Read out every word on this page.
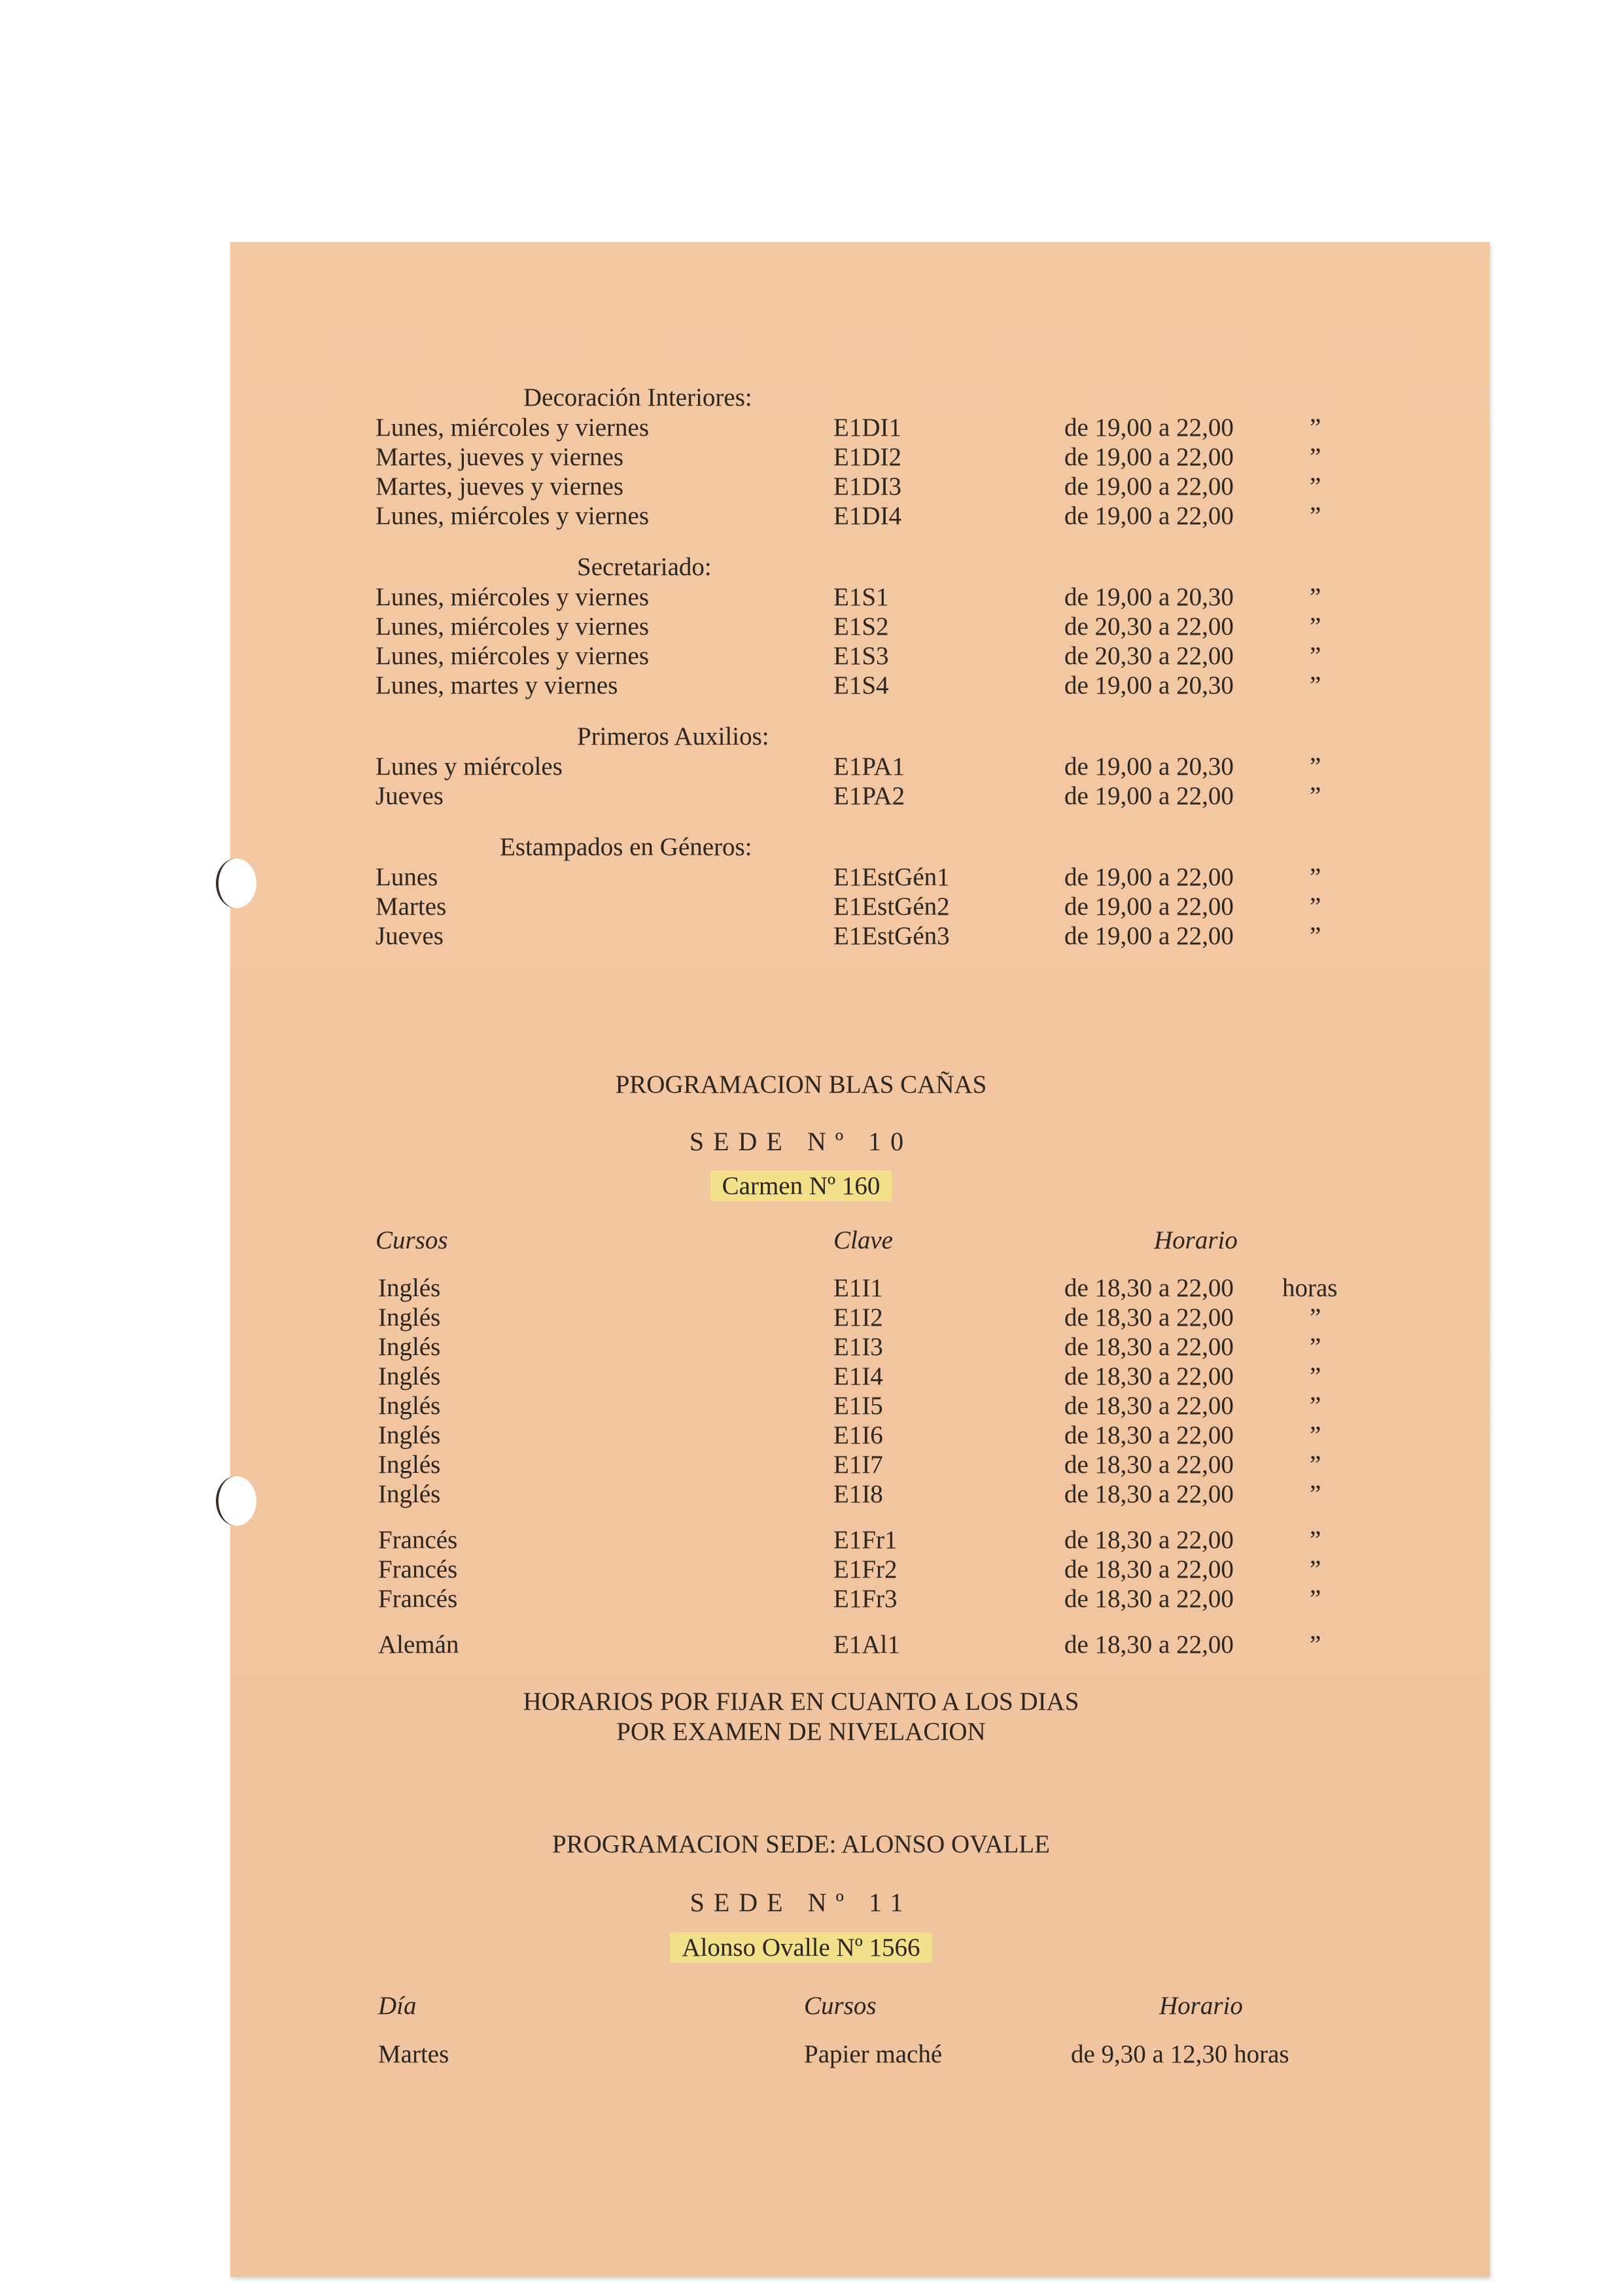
Decoración Interiores:
Lunes, miércoles y viernes	E1DI1	de 19,00 a 22,00	”
Martes, jueves y viernes	E1DI2	de 19,00 a 22,00	”
Martes, jueves y viernes	E1DI3	de 19,00 a 22,00	”
Lunes, miércoles y viernes	E1DI4	de 19,00 a 22,00	”
Secretariado:
Lunes, miércoles y viernes	E1S1	de 19,00 a 20,30	”
Lunes, miércoles y viernes	E1S2	de 20,30 a 22,00	”
Lunes, miércoles y viernes	E1S3	de 20,30 a 22,00	”
Lunes, martes y viernes	E1S4	de 19,00 a 20,30	”
Primeros Auxilios:
Lunes y miércoles	E1PA1	de 19,00 a 20,30	”
Jueves	E1PA2	de 19,00 a 22,00	”
Estampados en Géneros:
Lunes	E1EstGén1	de 19,00 a 22,00	”
Martes	E1EstGén2	de 19,00 a 22,00	”
Jueves	E1EstGén3	de 19,00 a 22,00	”
PROGRAMACION BLAS CAÑAS
SEDE Nº 10
Carmen Nº 160
Cursos	Clave	Horario
Inglés	E1I1	de 18,30 a 22,00 horas
Inglés	E1I2	de 18,30 a 22,00	”
Inglés	E1I3	de 18,30 a 22,00	”
Inglés	E1I4	de 18,30 a 22,00	”
Inglés	E1I5	de 18,30 a 22,00	”
Inglés	E1I6	de 18,30 a 22,00	”
Inglés	E1I7	de 18,30 a 22,00	”
Inglés	E1I8	de 18,30 a 22,00	”
Francés	E1Fr1	de 18,30 a 22,00	”
Francés	E1Fr2	de 18,30 a 22,00	”
Francés	E1Fr3	de 18,30 a 22,00	”
Alemán	E1Al1	de 18,30 a 22,00	”
HORARIOS POR FIJAR EN CUANTO A LOS DIAS
POR EXAMEN DE NIVELACION
PROGRAMACION SEDE: ALONSO OVALLE
SEDE Nº 11
Alonso Ovalle Nº 1566
Día	Cursos	Horario
Martes	Papier maché	de 9,30 a 12,30 horas
